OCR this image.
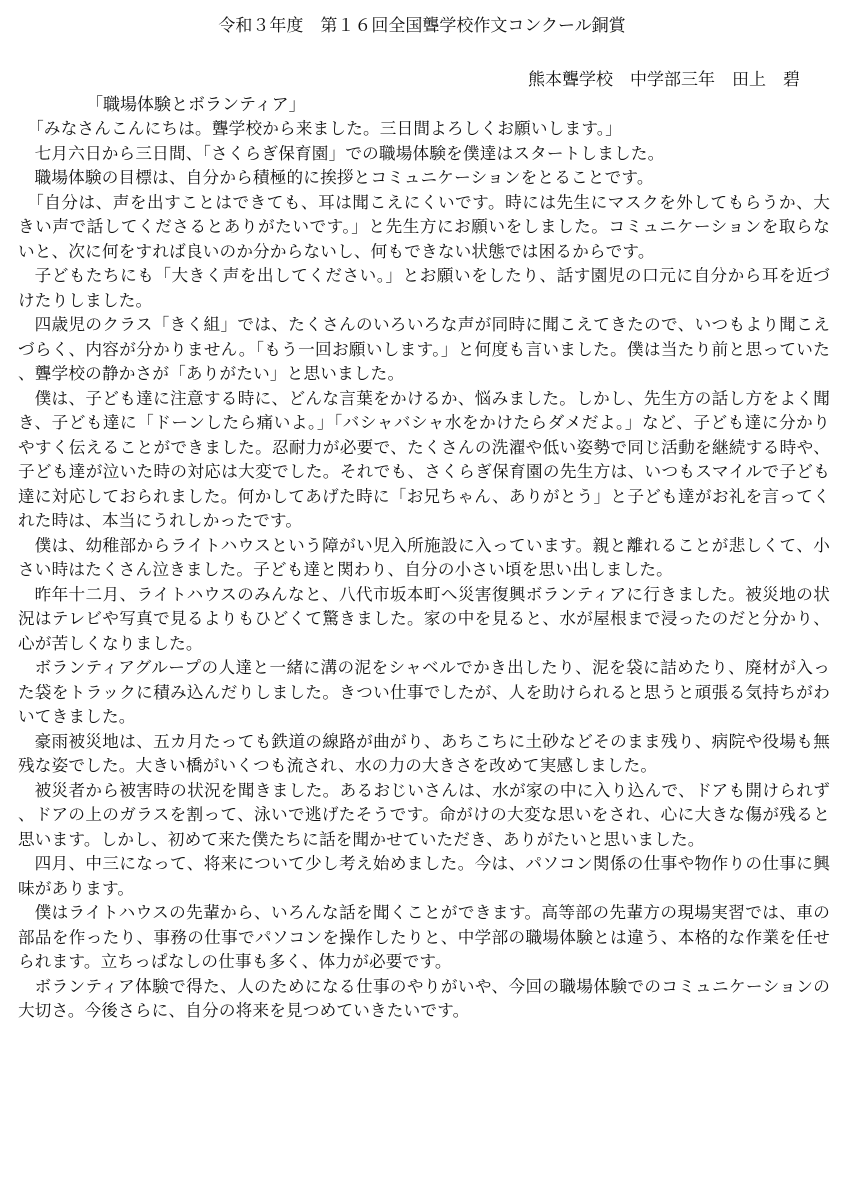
令和３年度　第１６回全国聾学校作文コンクール銅賞
熊本聾学校　中学部三年　田上　碧
「職場体験とボランティア」

「みなさんこんにちは。聾学校から来ました。三日間よろしくお願いします。」

七月六日から三日間、「さくらぎ保育園」での職場体験を僕達はスタートしました。

職場体験の目標は、自分から積極的に挨拶とコミュニケーションをとることです。

「自分は、声を出すことはできても、耳は聞こえにくいです。時には先生にマスクを外してもらうか、大きい声で話してくださるとありがたいです。」と先生方にお願いをしました。コミュニケーションを取らないと、次に何をすれば良いのか分からないし、何もできない状態では困るからです。

子どもたちにも「大きく声を出してください。」とお願いをしたり、話す園児の口元に自分から耳を近づけたりしました。

四歳児のクラス「きく組」では、たくさんのいろいろな声が同時に聞こえてきたので、いつもより聞こえづらく、内容が分かりません。「もう一回お願いします。」と何度も言いました。僕は当たり前と思っていた、聾学校の静かさが「ありがたい」と思いました。

僕は、子ども達に注意する時に、どんな言葉をかけるか、悩みました。しかし、先生方の話し方をよく聞き、子ども達に「ドーンしたら痛いよ。」「バシャバシャ水をかけたらダメだよ。」など、子ども達に分かりやすく伝えることができました。忍耐力が必要で、たくさんの洗濯や低い姿勢で同じ活動を継続する時や、子ども達が泣いた時の対応は大変でした。それでも、さくらぎ保育園の先生方は、いつもスマイルで子ども達に対応しておられました。何かしてあげた時に「お兄ちゃん、ありがとう」と子ども達がお礼を言ってくれた時は、本当にうれしかったです。

僕は、幼稚部からライトハウスという障がい児入所施設に入っています。親と離れることが悲しくて、小さい時はたくさん泣きました。子ども達と関わり、自分の小さい頃を思い出しました。

昨年十二月、ライトハウスのみんなと、八代市坂本町へ災害復興ボランティアに行きました。被災地の状況はテレビや写真で見るよりもひどくて驚きました。家の中を見ると、水が屋根まで浸ったのだと分かり、心が苦しくなりました。

ボランティアグループの人達と一緒に溝の泥をシャベルでかき出したり、泥を袋に詰めたり、廃材が入った袋をトラックに積み込んだりしました。きつい仕事でしたが、人を助けられると思うと頑張る気持ちがわいてきました。

豪雨被災地は、五カ月たっても鉄道の線路が曲がり、あちこちに土砂などそのまま残り、病院や役場も無残な姿でした。大きい橋がいくつも流され、水の力の大きさを改めて実感しました。

被災者から被害時の状況を聞きました。あるおじいさんは、水が家の中に入り込んで、ドアも開けられず、ドアの上のガラスを割って、泳いで逃げたそうです。命がけの大変な思いをされ、心に大きな傷が残ると思います。しかし、初めて来た僕たちに話を聞かせていただき、ありがたいと思いました。

四月、中三になって、将来について少し考え始めました。今は、パソコン関係の仕事や物作りの仕事に興味があります。

僕はライトハウスの先輩から、いろんな話を聞くことができます。高等部の先輩方の現場実習では、車の部品を作ったり、事務の仕事でパソコンを操作したりと、中学部の職場体験とは違う、本格的な作業を任せられます。立ちっぱなしの仕事も多く、体力が必要です。

ボランティア体験で得た、人のためになる仕事のやりがいや、今回の職場体験でのコミュニケーションの大切さ。今後さらに、自分の将来を見つめていきたいです。
